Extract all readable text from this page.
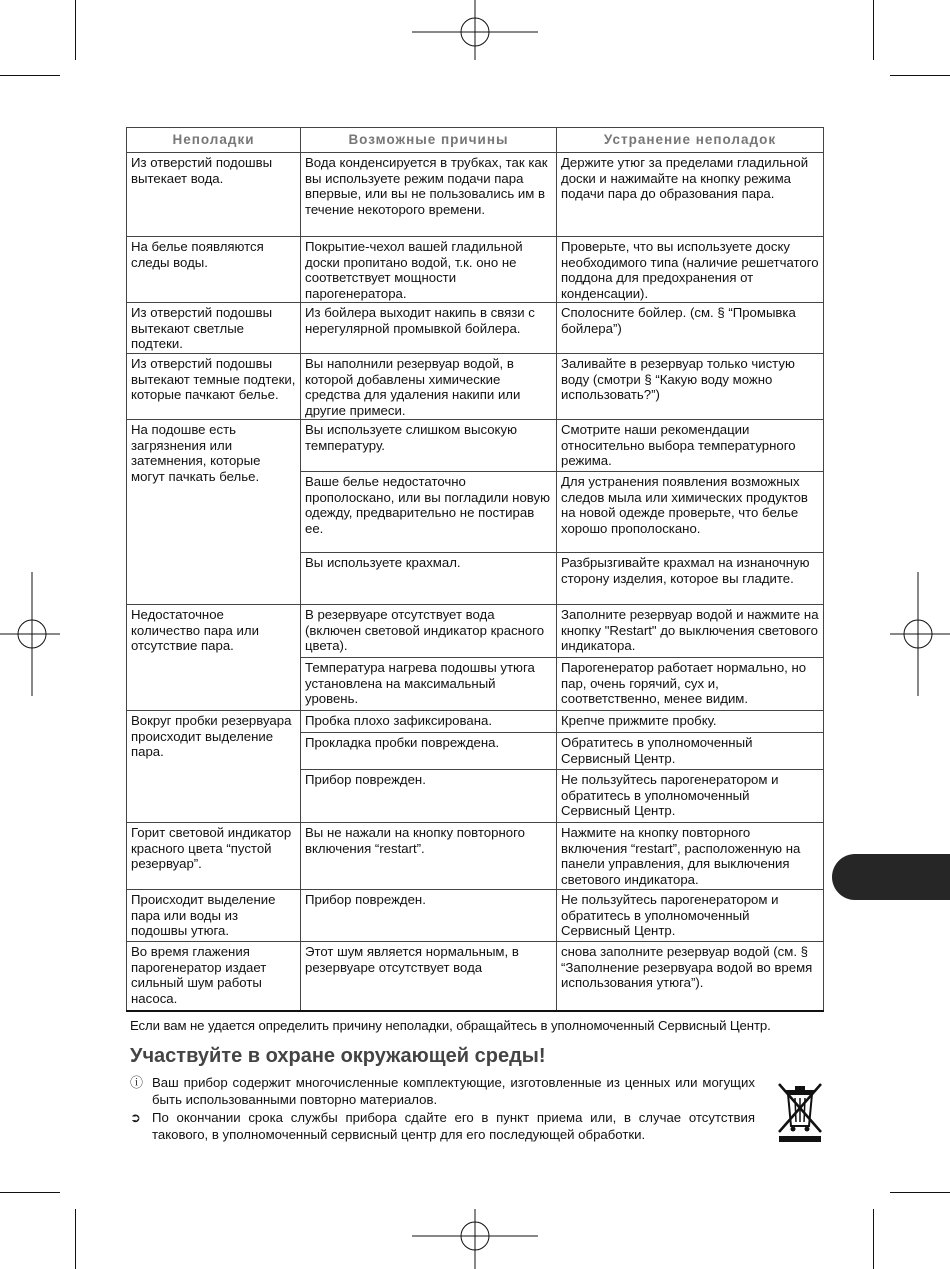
Неполадки	Возможные причины	Устранение неполадок
Из отверстий подошвы вытекает вода.	Вода конденсируется в трубках, так как вы используете режим подачи пара впервые, или вы не пользовались им в течение некоторого времени.	Держите утюг за пределами гладильной доски и нажимайте на кнопку режима подачи пара до образования пара.
На белье появляются следы воды.	Покрытие-чехол вашей гладильной доски пропитано водой, т.к. оно не соответствует мощности парогенератора.	Проверьте, что вы используете доску необходимого типа (наличие решетчатого поддона для предохранения от конденсации).
Из отверстий подошвы вытекают светлые подтеки.	Из бойлера выходит накипь в связи с нерегулярной промывкой бойлера.	Сполосните бойлер. (см. § “Промывка бойлера”)
Из отверстий подошвы вытекают темные подтеки, которые пачкают белье.	Вы наполнили резервуар водой, в которой добавлены химические средства для удаления накипи или другие примеси.	Заливайте в резервуар только чистую воду (смотри § “Какую воду можно использовать?”)
На подошве есть загрязнения или затемнения, которые могут пачкать белье.	Вы используете слишком высокую температуру.	Смотрите наши рекомендации относительно выбора температурного режима.
	Ваше белье недостаточно прополоскано, или вы погладили новую одежду, предварительно не постирав ее.	Для устранения появления возможных следов мыла или химических продуктов на новой одежде проверьте, что белье хорошо прополоскано.
	Вы используете крахмал.	Разбрызгивайте крахмал на изнаночную сторону изделия, которое вы гладите.
Недостаточное количество пара или отсутствие пара.	В резервуаре отсутствует вода (включен световой индикатор красного цвета).	Заполните резервуар водой и нажмите на кнопку "Restart" до выключения светового индикатора.
	Температура нагрева подошвы утюга установлена на максимальный уровень.	Парогенератор работает нормально, но пар, очень горячий, сух и, соответственно, менее видим.
Вокруг пробки резервуара происходит выделение пара.	Пробка плохо зафиксирована.	Крепче прижмите пробку.
	Прокладка пробки повреждена.	Обратитесь в уполномоченный Сервисный Центр.
	Прибор поврежден.	Не пользуйтесь парогенератором и обратитесь в уполномоченный Сервисный Центр.
Горит световой индикатор красного цвета “пустой резервуар”.	Вы не нажали на кнопку повторного включения “restart”.	Нажмите на кнопку повторного включения “restart”, расположенную на панели управления, для выключения светового индикатора.
Происходит выделение пара или воды из подошвы утюга.	Прибор поврежден.	Не пользуйтесь парогенератором и обратитесь в уполномоченный Сервисный Центр.
Во время глажения парогенератор издает сильный шум работы насоса.	Этот шум является нормальным, в резервуаре отсутствует вода	снова заполните резервуар водой (см. § “Заполнение резервуара водой во время использования утюга”).
Если вам не удается определить причину неполадки, обращайтесь в уполномоченный Сервисный Центр.
Участвуйте в охране окружающей среды!
ⓘ Ваш прибор содержит многочисленные комплектующие, изготовленные из ценных или могущих быть использованными повторно материалов.
➲ По окончании срока службы прибора сдайте его в пункт приема или, в случае отсутствия такового, в уполномоченный сервисный центр для его последующей обработки.
